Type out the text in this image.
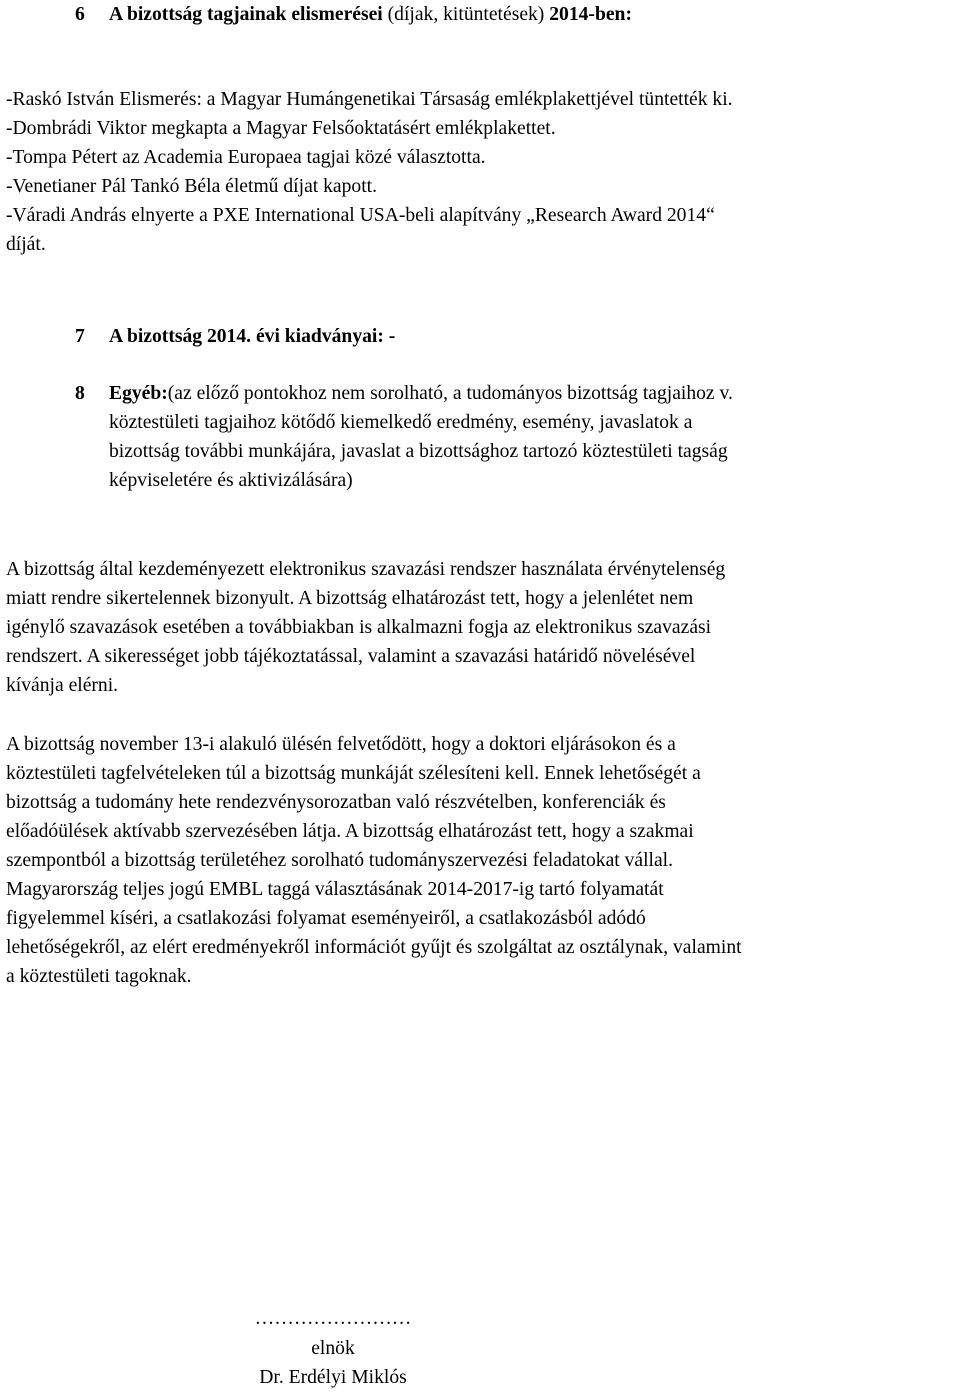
6 A bizottság tagjainak elismerései (díjak, kitüntetések) 2014-ben:
-Raskó István Elismerés: a Magyar Humángenetikai Társaság emlékplakettjével tüntették ki.
-Dombrádi Viktor megkapta a Magyar Felsőoktatásért emlékplakettet.
-Tompa Pétert az Academia Europaea tagjai közé választotta.
-Venetianer Pál Tankó Béla életmű díjat kapott.
-Váradi András elnyerte a PXE International USA-beli alapítvány „Research Award 2014“
díját.
7 A bizottság 2014. évi kiadványai: -
8 Egyéb:(az előző pontokhoz nem sorolható, a tudományos bizottság tagjaihoz v.
köztestületi tagjaihoz kötődő kiemelkedő eredmény, esemény, javaslatok a
bizottság további munkájára, javaslat a bizottsághoz tartozó köztestületi tagság
képviseletére és aktivizálására)
A bizottság által kezdeményezett elektronikus szavazási rendszer használata érvénytelenség
miatt rendre sikertelennek bizonyult. A bizottság elhatározást tett, hogy a jelenlétet nem
igénylő szavazások esetében a továbbiakban is alkalmazni fogja az elektronikus szavazási
rendszert. A sikerességet jobb tájékoztatással, valamint a szavazási határidő növelésével
kívánja elérni.
A bizottság november 13-i alakuló ülésén felvetődött, hogy a doktori eljárásokon és a
köztestületi tagfelvételeken túl a bizottság munkáját szélesíteni kell. Ennek lehetőségét a
bizottság a tudomány hete rendezvénysorozatban való részvételben, konferenciák és
előadóülések aktívabb szervezésében látja. A bizottság elhatározást tett, hogy a szakmai
szempontból a bizottság területéhez sorolható tudományszervezési feladatokat vállal.
Magyarország teljes jogú EMBL taggá választásának 2014-2017-ig tartó folyamatát
figyelemmel kíséri, a csatlakozási folyamat eseményeiről, a csatlakozásból adódó
lehetőségekről, az elért eredményekről információt gyűjt és szolgáltat az osztálynak, valamint
a köztestületi tagoknak.
……………………
elnök
Dr. Erdélyi Miklós
